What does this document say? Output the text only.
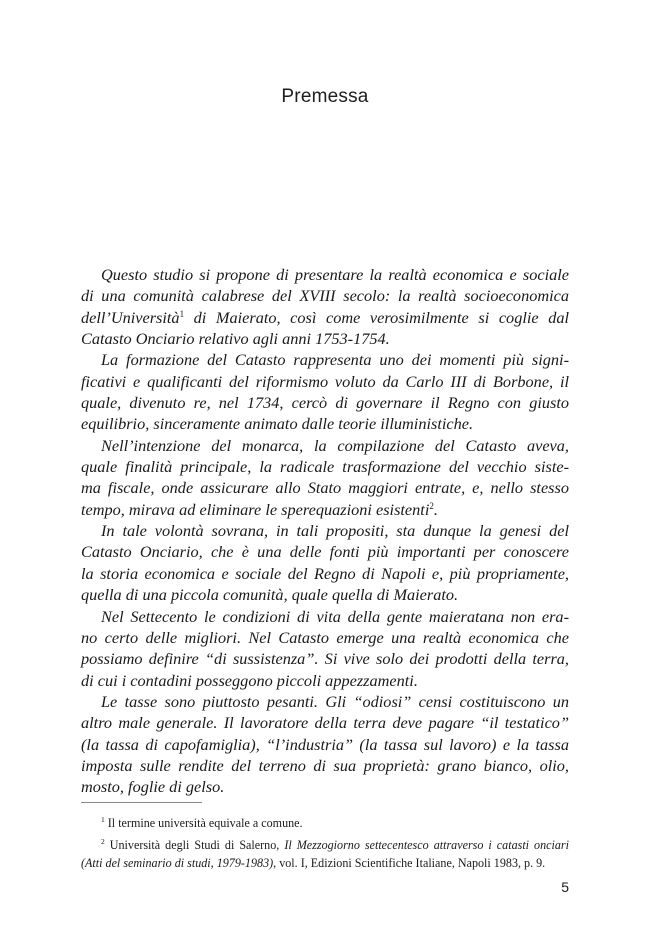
Premessa
Questo studio si propone di presentare la realtà economica e sociale
di una comunità calabrese del XVIII secolo: la realtà socioeconomica
dell’Università$^1$ di Maierato, così come verosimilmente si coglie dal
Catasto Onciario relativo agli anni 1753-1754.
La formazione del Catasto rappresenta uno dei momenti più signi-
ficativi e qualificanti del riformismo voluto da Carlo III di Borbone, il
quale, divenuto re, nel 1734, cercò di governare il Regno con giusto
equilibrio, sinceramente animato dalle teorie illuministiche.
Nell’intenzione del monarca, la compilazione del Catasto aveva,
quale finalità principale, la radicale trasformazione del vecchio siste-
ma fiscale, onde assicurare allo Stato maggiori entrate, e, nello stesso
tempo, mirava ad eliminare le sperequazioni esistenti$^2$.
In tale volontà sovrana, in tali propositi, sta dunque la genesi del
Catasto Onciario, che è una delle fonti più importanti per conoscere
la storia economica e sociale del Regno di Napoli e, più propriamente,
quella di una piccola comunità, quale quella di Maierato.
Nel Settecento le condizioni di vita della gente maieratana non era-
no certo delle migliori. Nel Catasto emerge una realtà economica che
possiamo definire “di sussistenza”. Si vive solo dei prodotti della terra,
di cui i contadini posseggono piccoli appezzamenti.
Le tasse sono piuttosto pesanti. Gli “odiosi” censi costituiscono un
altro male generale. Il lavoratore della terra deve pagare “il testatico”
(la tassa di capofamiglia), “l’industria” (la tassa sul lavoro) e la tassa
imposta sulle rendite del terreno di sua proprietà: grano bianco, olio,
mosto, foglie di gelso.
$^1$ Il termine università equivale a comune.
$^2$ Università degli Studi di Salerno, Il Mezzogiorno settecentesco attraverso i catasti onciari
(Atti del seminario di studi, 1979-1983), vol. I, Edizioni Scientifiche Italiane, Napoli 1983, p. 9.
5
